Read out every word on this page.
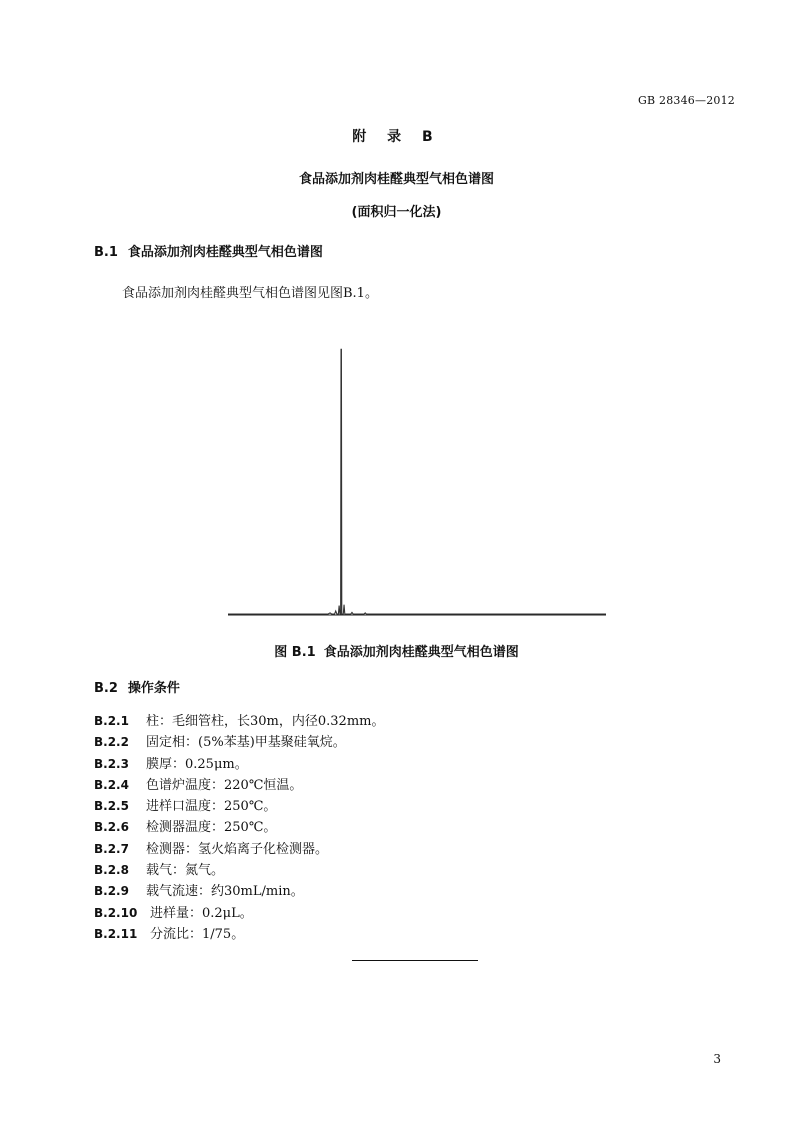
GB 28346—2012
附 录 B
食品添加剂肉桂醛典型气相色谱图
(面积归一化法)
B.1 食品添加剂肉桂醛典型气相色谱图
食品添加剂肉桂醛典型气相色谱图见图B.1。
图 B.1 食品添加剂肉桂醛典型气相色谱图
B.2 操作条件
B.2.1 柱：毛细管柱，长30m，内径0.32mm。
B.2.2 固定相：(5%苯基)甲基聚硅氧烷。
B.2.3 膜厚：0.25μm。
B.2.4 色谱炉温度：220℃恒温。
B.2.5 进样口温度：250℃。
B.2.6 检测器温度：250℃。
B.2.7 检测器：氢火焰离子化检测器。
B.2.8 载气：氮气。
B.2.9 载气流速：约30mL/min。
B.2.10 进样量：0.2μL。
B.2.11 分流比：1/75。
3
